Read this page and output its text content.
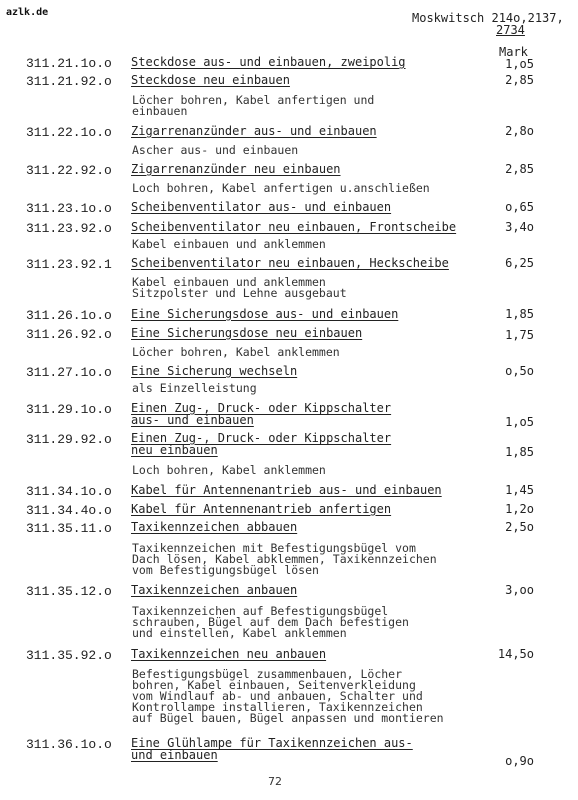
azlk.de	Moskwitsch 214o,2137,
2734
Mark
311.21.1o.o Steckdose aus- und einbauen, zweipolig	1,o5
311.21.92.o Steckdose neu einbauen	2,85
Löcher bohren, Kabel anfertigen und
einbauen
311.22.1o.o Zigarrenanzünder aus- und einbauen	2,8o
Ascher aus- und einbauen
311.22.92.o Zigarrenanzünder neu einbauen	2,85
Loch bohren, Kabel anfertigen u.anschließen
311.23.1o.o Scheibenventilator aus- und einbauen	o,65
311.23.92.o Scheibenventilator neu einbauen, Frontscheibe	3,4o
Kabel einbauen und anklemmen
311.23.92.1 Scheibenventilator neu einbauen, Heckscheibe	6,25
Kabel einbauen und anklemmen
Sitzpolster und Lehne ausgebaut
311.26.1o.o Eine Sicherungsdose aus- und einbauen	1,85
311.26.92.o Eine Sicherungsdose neu einbauen	1,75
Löcher bohren, Kabel anklemmen
311.27.1o.o Eine Sicherung wechseln	o,5o
als Einzelleistung
311.29.1o.o Einen Zug-, Druck- oder Kippschalter
aus- und einbauen	1,o5
311.29.92.o Einen Zug-, Druck- oder Kippschalter
neu einbauen	1,85
Loch bohren, Kabel anklemmen
311.34.1o.o Kabel für Antennenantrieb aus- und einbauen	1,45
311.34.4o.o Kabel für Antennenantrieb anfertigen	1,2o
311.35.11.o Taxikennzeichen abbauen	2,5o
Taxikennzeichen mit Befestigungsbügel vom
Dach lösen, Kabel abklemmen, Taxikennzeichen
vom Befestigungsbügel lösen
311.35.12.o Taxikennzeichen anbauen	3,oo
Taxikennzeichen auf Befestigungsbügel
schrauben, Bügel auf dem Dach befestigen
und einstellen, Kabel anklemmen
311.35.92.o Taxikennzeichen neu anbauen	14,5o
Befestigungsbügel zusammenbauen, Löcher
bohren, Kabel einbauen, Seitenverkleidung
vom Windlauf ab- und anbauen, Schalter und
Kontrollampe installieren, Taxikennzeichen
auf Bügel bauen, Bügel anpassen und montieren
311.36.1o.o Eine Glühlampe für Taxikennzeichen aus-
und einbauen	o,9o
72
